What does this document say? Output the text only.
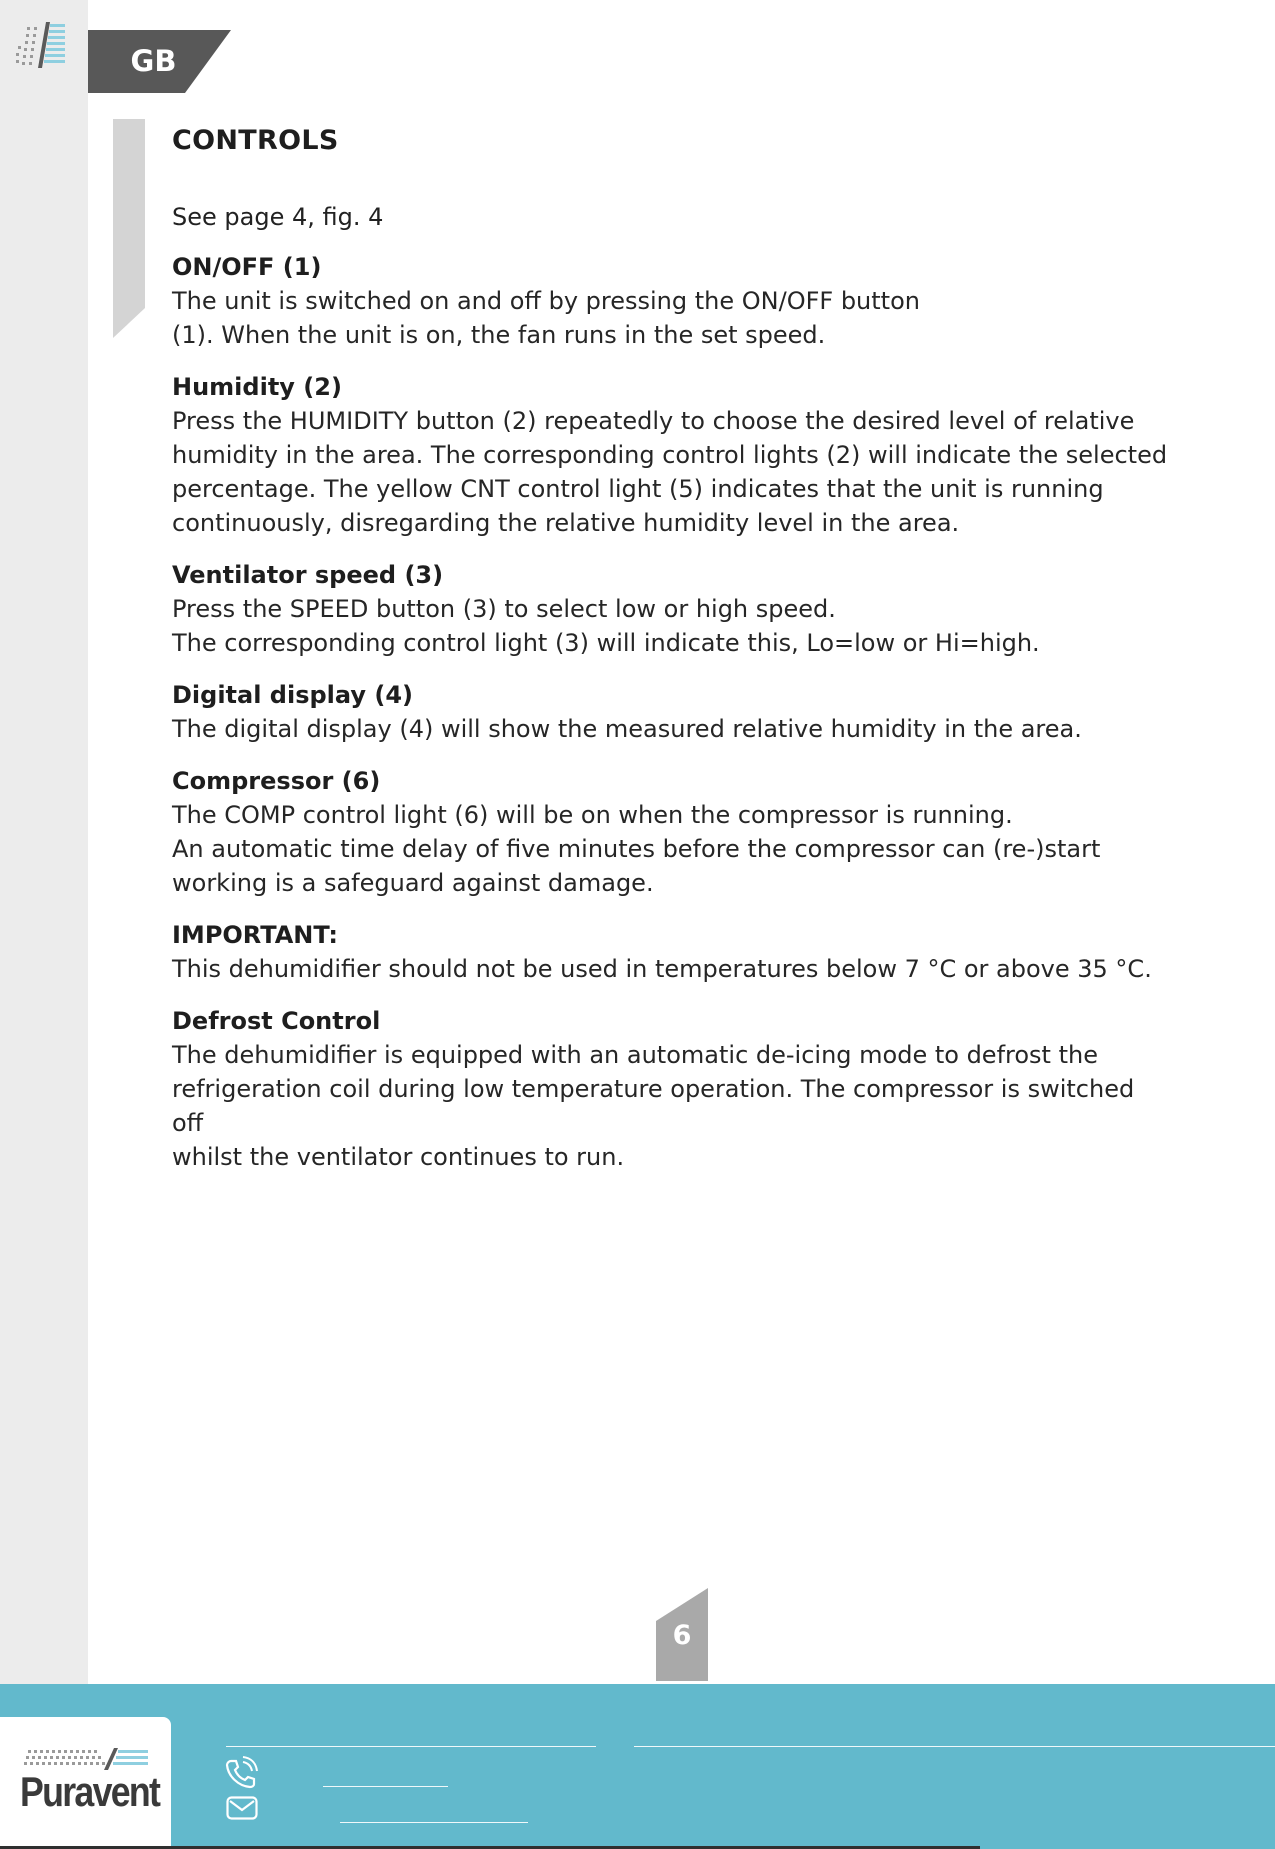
GB
CONTROLS

See page 4, fig. 4

ON/OFF (1)

The unit is switched on and off by pressing the ON/OFF button

(1). When the unit is on, the fan runs in the set speed.

Humidity (2)

Press the HUMIDITY button (2) repeatedly to choose the desired level of relative

humidity in the area. The corresponding control lights (2) will indicate the selected

percentage. The yellow CNT control light (5) indicates that the unit is running

continuously, disregarding the relative humidity level in the area.

Ventilator speed (3)

Press the SPEED button (3) to select low or high speed.

The corresponding control light (3) will indicate this, Lo=low or Hi=high.

Digital display (4)

The digital display (4) will show the measured relative humidity in the area.

Compressor (6)

The COMP control light (6) will be on when the compressor is running.

An automatic time delay of five minutes before the compressor can (re-)start

working is a safeguard against damage.

IMPORTANT:

This dehumidifier should not be used in temperatures below 7 °C or above 35 °C.

Defrost Control

The dehumidifier is equipped with an automatic de-icing mode to defrost the

refrigeration coil during low temperature operation. The compressor is switched off

whilst the ventilator continues to run.

6
Puravent
